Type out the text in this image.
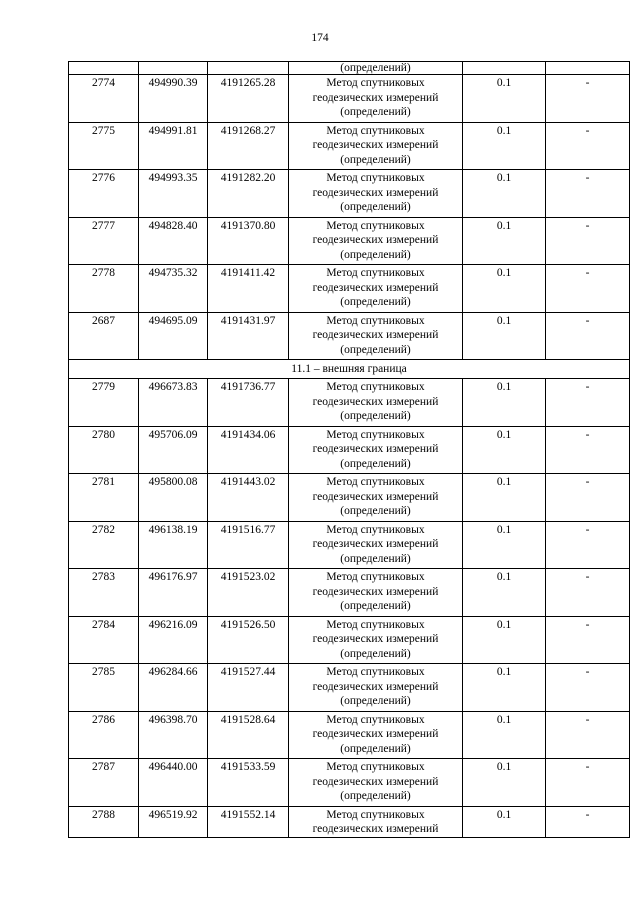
174
			(определений)		
2774	494990.39	4191265.28	Метод спутниковых
геодезических измерений
(определений)	0.1	-
2775	494991.81	4191268.27	Метод спутниковых
геодезических измерений
(определений)	0.1	-
2776	494993.35	4191282.20	Метод спутниковых
геодезических измерений
(определений)	0.1	-
2777	494828.40	4191370.80	Метод спутниковых
геодезических измерений
(определений)	0.1	-
2778	494735.32	4191411.42	Метод спутниковых
геодезических измерений
(определений)	0.1	-
2687	494695.09	4191431.97	Метод спутниковых
геодезических измерений
(определений)	0.1	-
11.1 – внешняя граница					
2779	496673.83	4191736.77	Метод спутниковых
геодезических измерений
(определений)	0.1	-
2780	495706.09	4191434.06	Метод спутниковых
геодезических измерений
(определений)	0.1	-
2781	495800.08	4191443.02	Метод спутниковых
геодезических измерений
(определений)	0.1	-
2782	496138.19	4191516.77	Метод спутниковых
геодезических измерений
(определений)	0.1	-
2783	496176.97	4191523.02	Метод спутниковых
геодезических измерений
(определений)	0.1	-
2784	496216.09	4191526.50	Метод спутниковых
геодезических измерений
(определений)	0.1	-
2785	496284.66	4191527.44	Метод спутниковых
геодезических измерений
(определений)	0.1	-
2786	496398.70	4191528.64	Метод спутниковых
геодезических измерений
(определений)	0.1	-
2787	496440.00	4191533.59	Метод спутниковых
геодезических измерений
(определений)	0.1	-
2788	496519.92	4191552.14	Метод спутниковых
геодезических измерений	0.1	-
